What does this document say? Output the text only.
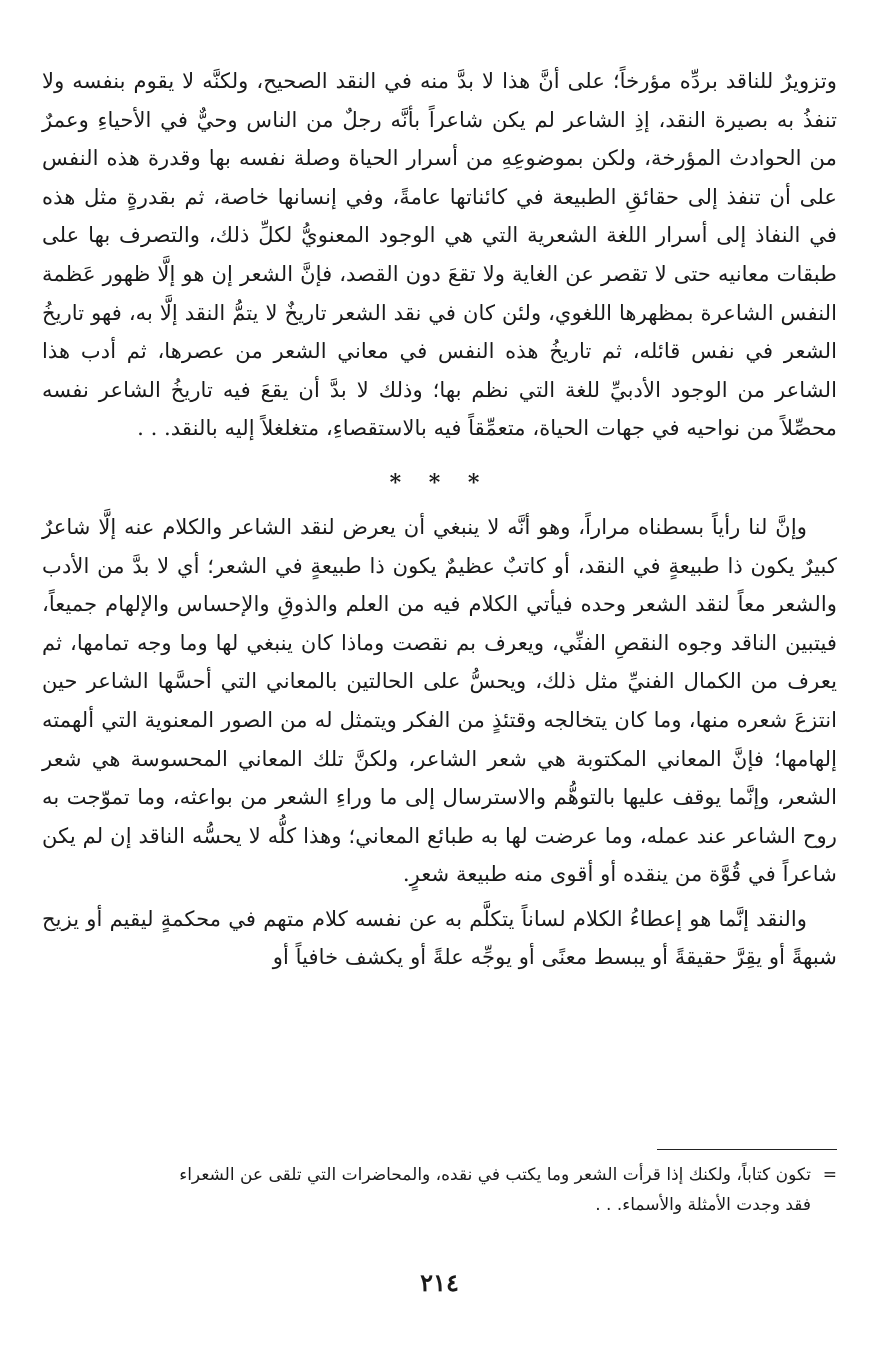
وتزويرٌ للناقد بردِّه مؤرخاً؛ على أنَّ هذا لا بدَّ منه في النقد الصحيح، ولكنَّه لا يقوم بنفسه ولا تنفذُ به بصيرة النقد، إذِ الشاعر لم يكن شاعراً بأنَّه رجلٌ من الناس وحيٌّ في الأحياءِ وعمرٌ من الحوادث المؤرخة، ولكن بموضوعِهِ من أسرار الحياة وصلة نفسه بها وقدرة هذه النفس على أن تنفذ إلى حقائقِ الطبيعة في كائناتها عامةً، وفي إنسانها خاصة، ثم بقدرةٍ مثل هذه في النفاذ إلى أسرار اللغة الشعرية التي هي الوجود المعنويُّ لكلِّ ذلك، والتصرف بها على طبقات معانيه حتى لا تقصر عن الغاية ولا تقعَ دون القصد، فإنَّ الشعر إن هو إلَّا ظهور عَظمة النفس الشاعرة بمظهرها اللغوي، ولئن كان في نقد الشعر تاريخٌ لا يتمُّ النقد إلَّا به، فهو تاريخُ الشعر في نفس قائله، ثم تاريخُ هذه النفس في معاني الشعر من عصرها، ثم أدب هذا الشاعر من الوجود الأدبيِّ للغة التي نظم بها؛ وذلك لا بدَّ أن يقعَ فيه تاريخُ الشاعر نفسه محصِّلاً من نواحيه في جهات الحياة، متعمِّقاً فيه بالاستقصاءِ، متغلغلاً إليه بالنقد. . .

* * *

وإنَّ لنا رأياً بسطناه مراراً، وهو أنَّه لا ينبغي أن يعرض لنقد الشاعر والكلام عنه إلَّا شاعرٌ كبيرٌ يكون ذا طبيعةٍ في النقد، أو كاتبٌ عظيمٌ يكون ذا طبيعةٍ في الشعر؛ أي لا بدَّ من الأدب والشعر معاً لنقد الشعر وحده فيأتي الكلام فيه من العلم والذوقِ والإحساس والإلهام جميعاً، فيتبين الناقد وجوه النقصِ الفنِّي، ويعرف بم نقصت وماذا كان ينبغي لها وما وجه تمامها، ثم يعرف من الكمال الفنيِّ مثل ذلك، ويحسُّ على الحالتين بالمعاني التي أحسَّها الشاعر حين انتزعَ شعره منها، وما كان يتخالجه وقتئذٍ من الفكر ويتمثل له من الصور المعنوية التي ألهمته إلهامها؛ فإنَّ المعاني المكتوبة هي شعر الشاعر، ولكنَّ تلك المعاني المحسوسة هي شعر الشعر، وإنَّما يوقف عليها بالتوهُّم والاسترسال إلى ما وراءِ الشعر من بواعثه، وما تموّجت به روح الشاعر عند عمله، وما عرضت لها به طبائع المعاني؛ وهذا كلُّه لا يحسُّه الناقد إن لم يكن شاعراً في قُوَّة من ينقده أو أقوى منه طبيعة شعرٍ.

والنقد إنَّما هو إعطاءُ الكلام لساناً يتكلَّم به عن نفسه كلام متهم في محكمةٍ ليقيم أو يزيح شبهةً أو يقِرَّ حقيقةً أو يبسط معنًى أو يوجِّه علةً أو يكشف خافياً أو

=تكون كتاباً، ولكنك إذا قرأت الشعر وما يكتب في نقده، والمحاضرات التي تلقى عن الشعراء
فقد وجدت الأمثلة والأسماء. . .
٢١٤
